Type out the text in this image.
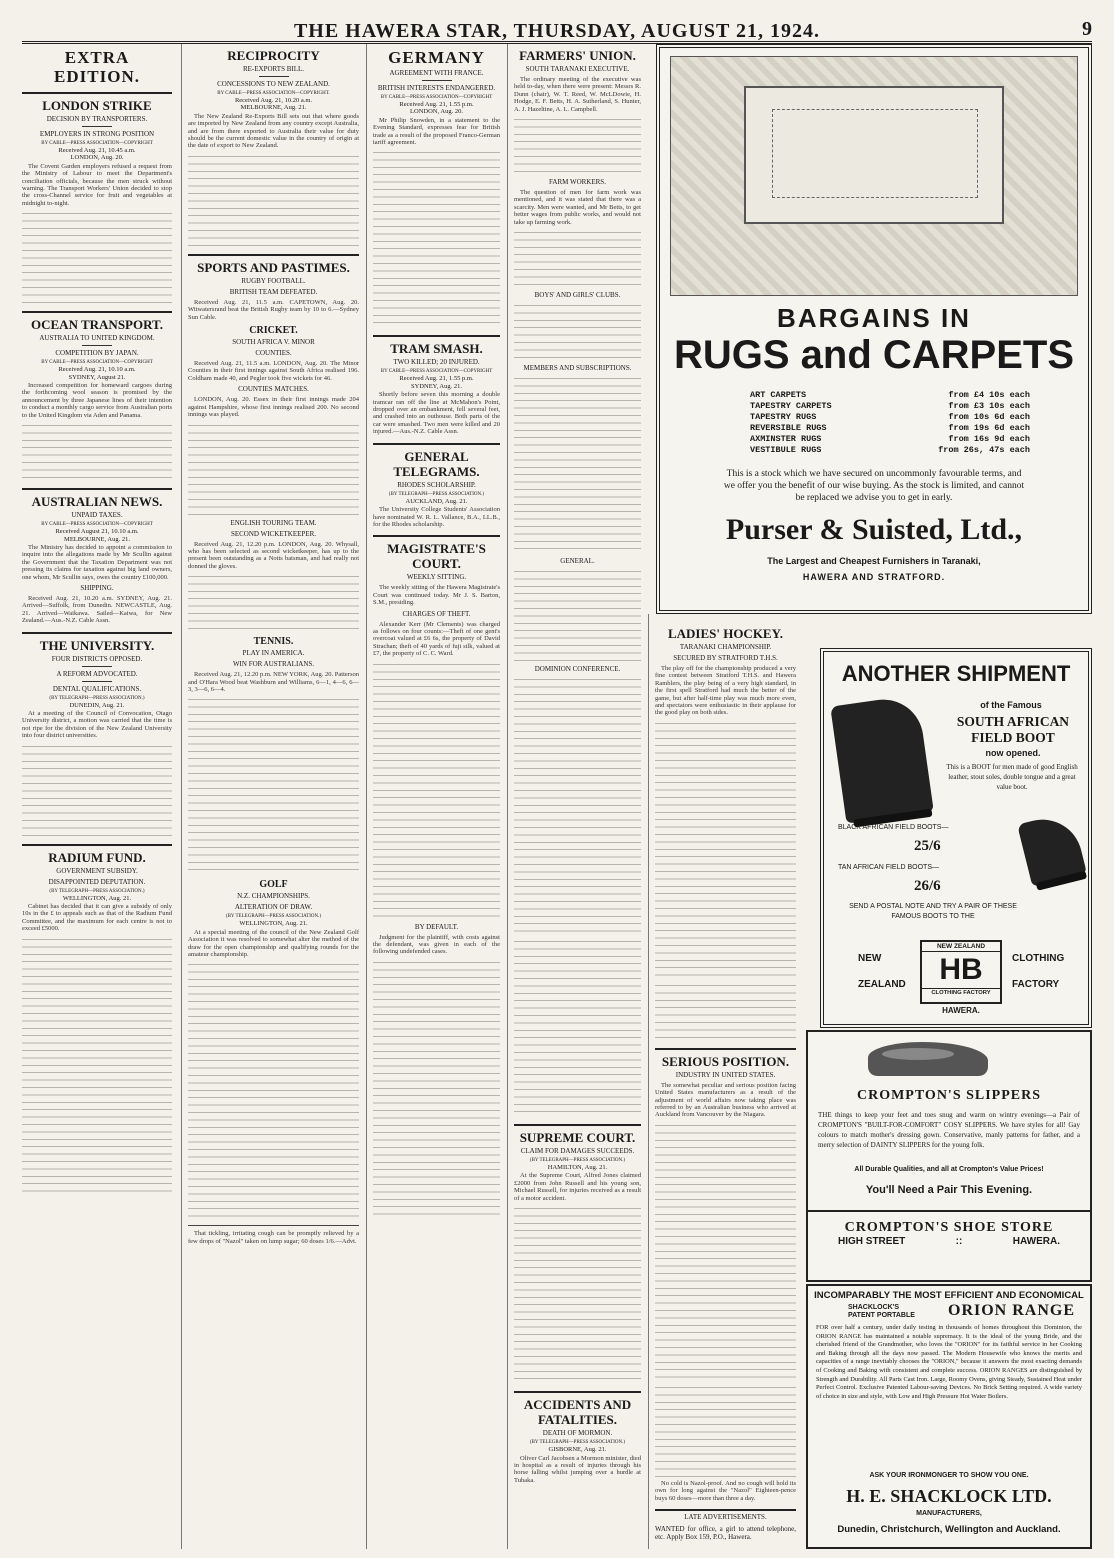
THE HAWERA STAR, THURSDAY, AUGUST 21, 1924.	9
EXTRA EDITION.
LONDON STRIKE
DECISION BY TRANSPORTERS.
EMPLOYERS IN STRONG POSITION
BY CABLE—PRESS ASSOCIATION—COPYRIGHT
Received Aug. 21, 10.45 a.m.
LONDON, Aug. 20.
The Covent Garden employers refused a request from the Ministry of Labour to meet the Department's conciliation officials, because the men struck without warning. The Transport Workers' Union decided to stop the cross-Channel service for fruit and vegetables at midnight to-night.
OCEAN TRANSPORT.
AUSTRALIA TO UNITED KINGDOM.
COMPETITION BY JAPAN.
BY CABLE—PRESS ASSOCIATION—COPYRIGHT
Received Aug. 21, 10.10 a.m.
SYDNEY, August 21.
Increased competition for homeward cargoes during the forthcoming wool season is promised by the announcement by three Japanese lines of their intention to conduct a monthly cargo service from Australian ports to the United Kingdom via Aden and Panama.
AUSTRALIAN NEWS.
UNPAID TAXES.
BY CABLE—PRESS ASSOCIATION—COPYRIGHT
Received August 21, 10.10 a.m.
MELBOURNE, Aug. 21.
The Ministry has decided to appoint a commission to inquire into the allegations made by Mr Scullin against the Government that the Taxation Department was not pressing its claims for taxation against big land owners, one whom, Mr Scullin says, owes the country £100,000.
SHIPPING.
Received Aug. 21, 10.20 a.m. SYDNEY, Aug. 21. Arrived—Suffolk, from Dunedin. NEWCASTLE, Aug. 21. Arrived—Waikawa. Sailed—Kaiwa, for New Zealand.—Aus.-N.Z. Cable Assn.
THE UNIVERSITY.
FOUR DISTRICTS OPPOSED.
A REFORM ADVOCATED.
DENTAL QUALIFICATIONS.
(BY TELEGRAPH—PRESS ASSOCIATION.)
DUNEDIN, Aug. 21.
At a meeting of the Council of Convocation, Otago University district, a motion was carried that the time is not ripe for the division of the New Zealand University into four district universities.
RADIUM FUND.
GOVERNMENT SUBSIDY.
DISAPPOINTED DEPUTATION.
(BY TELEGRAPH—PRESS ASSOCIATION.)
WELLINGTON, Aug. 21.
Cabinet has decided that it can give a subsidy of only 10s in the £ to appeals such as that of the Radium Fund Committee, and the maximum for each centre is not to exceed £5000.
RECIPROCITY
RE-EXPORTS BILL.
CONCESSIONS TO NEW ZEALAND.
BY CABLE—PRESS ASSOCIATION—COPYRIGHT.
Received Aug. 21, 10.20 a.m.
MELBOURNE, Aug. 21.
The New Zealand Re-Exports Bill sets out that where goods are imported by New Zealand from any country except Australia, and are from there exported to Australia their value for duty should be the current domestic value in the country of origin at the date of export to New Zealand.
SPORTS AND PASTIMES.
RUGBY FOOTBALL.
BRITISH TEAM DEFEATED.
Received Aug. 21, 11.5 a.m. CAPETOWN, Aug. 20. Witwatersrand beat the British Rugby team by 10 to 6.—Sydney Sun Cable.
CRICKET.
SOUTH AFRICA V. MINOR
COUNTIES.
Received Aug. 21, 11.5 a.m. LONDON, Aug. 20. The Minor Counties in their first innings against South Africa realised 196. Coldham made 40, and Pegler took five wickets for 46.
COUNTIES MATCHES.
LONDON, Aug. 20. Essex in their first innings made 204 against Hampshire, whose first innings realised 200. No second innings was played.
ENGLISH TOURING TEAM.
SECOND WICKETKEEPER.
Received Aug. 21, 12.20 p.m. LONDON, Aug. 20. Whysall, who has been selected as second wicketkeeper, has up to the present been outstanding as a Notts batsman, and had really not donned the gloves.
TENNIS.
PLAY IN AMERICA.
WIN FOR AUSTRALIANS.
Received Aug. 21, 12.20 p.m. NEW YORK, Aug. 20. Patterson and O'Hara Wood beat Washburn and Williams, 6—1, 4—6, 6—3, 3—6, 6—4.
GOLF
N.Z. CHAMPIONSHIPS.
ALTERATION OF DRAW.
(BY TELEGRAPH—PRESS ASSOCIATION.)
WELLINGTON, Aug. 21.
At a special meeting of the council of the New Zealand Golf Association it was resolved to somewhat alter the method of the draw for the open championship and qualifying rounds for the amateur championship.
That tickling, irritating cough can be promptly relieved by a few drops of "Nazol" taken on lump sugar; 60 doses 1/6.—Advt.
GERMANY
AGREEMENT WITH FRANCE.
BRITISH INTERESTS ENDANGERED.
BY CABLE—PRESS ASSOCIATION—COPYRIGHT
Received Aug. 21, 1.55 p.m.
LONDON, Aug. 20.
Mr Philip Snowden, in a statement to the Evening Standard, expresses fear for British trade as a result of the proposed Franco-German tariff agreement.
TRAM SMASH.
TWO KILLED; 20 INJURED.
BY CABLE—PRESS ASSOCIATION—COPYRIGHT
Received Aug. 21, 1.55 p.m.
SYDNEY, Aug. 21.
Shortly before seven this morning a double tramcar ran off the line at McMahon's Point, dropped over an embankment, fell several feet, and crashed into an outhouse. Both parts of the car were smashed. Two men were killed and 20 injured.—Aus.-N.Z. Cable Assn.
GENERAL TELEGRAMS.
RHODES SCHOLARSHIP.
(BY TELEGRAPH—PRESS ASSOCIATION.)
AUCKLAND, Aug. 21.
The University College Students' Association have nominated W. R. L. Vallance, B.A., LL.B., for the Rhodes scholarship.
MAGISTRATE'S COURT.
WEEKLY SITTING.
The weekly sitting of the Hawera Magistrate's Court was continued today. Mr J. S. Barton, S.M., presiding.
CHARGES OF THEFT.
Alexander Kerr (Mr Clements) was charged as follows on four counts:—Theft of one gent's overcoat valued at £6 6s, the property of David Strachan; theft of 40 yards of fuji silk, valued at £7, the property of C. C. Ward.
BY DEFAULT.
Judgment for the plaintiff, with costs against the defendant, was given in each of the following undefended cases.
FARMERS' UNION.
SOUTH TARANAKI EXECUTIVE.
The ordinary meeting of the executive was held to-day, when there were present: Messrs R. Dunn (chair), W. T. Reed, W. McLDowie, H. Hodge, E. F. Betts, H. A. Sutherland, S. Hunter, A. J. Hazeltine, A. L. Campbell.
FARM WORKERS.
The question of men for farm work was mentioned, and it was stated that there was a scarcity. Men were wanted, and Mr Betts, to get better wages from public works, and would not take up farming work.
BOYS' AND GIRLS' CLUBS.
MEMBERS AND SUBSCRIPTIONS.
GENERAL.
DOMINION CONFERENCE.
SUPREME COURT.
CLAIM FOR DAMAGES SUCCEEDS.
(BY TELEGRAPH—PRESS ASSOCIATION.)
HAMILTON, Aug. 21.
At the Supreme Court, Alfred Jones claimed £2000 from John Russell and his young son, Michael Russell, for injuries received as a result of a motor accident.
ACCIDENTS AND FATALITIES.
DEATH OF MORMON.
(BY TELEGRAPH—PRESS ASSOCIATION.)
GISBORNE, Aug. 21.
Oliver Carl Jacobsen a Mormon minister, died in hospital as a result of injuries through his horse falling whilst jumping over a hurdle at Tuhaka.
BARGAINS IN
RUGS and CARPETS
ART CARPETS	from £4 10s each
TAPESTRY CARPETS	from £3 10s each
TAPESTRY RUGS	from 10s 6d each
REVERSIBLE RUGS	from 19s 6d each
AXMINSTER RUGS	from 16s 9d each
VESTIBULE RUGS	from 26s, 47s each
This is a stock which we have secured on uncommonly favourable terms, and we offer you the benefit of our wise buying. As the stock is limited, and cannot be replaced we advise you to get in early.
Purser & Suisted, Ltd.,
The Largest and Cheapest Furnishers in Taranaki,
HAWERA AND STRATFORD.
LADIES' HOCKEY.
TARANAKI CHAMPIONSHIP.
SECURED BY STRATFORD T.H.S.
The play off for the championship produced a very fine contest between Stratford T.H.S. and Hawera Ramblers, the play being of a very high standard, in the first spell Stratford had much the better of the game, but after half-time play was much more even, and spectators were enthusiastic in their applause for the good play on both sides.
SERIOUS POSITION.
INDUSTRY IN UNITED STATES.
The somewhat peculiar and serious position facing United States manufacturers as a result of the adjustment of world affairs now taking place was referred to by an Australian business who arrived at Auckland from Vancouver by the Niagara.
No cold is Nazol-proof. And no cough will hold its own for long against the "Nazol" Eighteen-pence buys 60 doses—more than three a day.
LATE ADVERTISEMENTS.
WANTED for office, a girl to attend telephone, etc. Apply Box 159, P.O., Hawera.
ANOTHER SHIPMENT
of the Famous
SOUTH AFRICAN FIELD BOOT
now opened.
This is a BOOT for men made of good English leather, stout soles, double tongue and a great value boot.
BLACK AFRICAN FIELD BOOTS—
25/6
TAN AFRICAN FIELD BOOTS—
26/6
SEND A POSTAL NOTE AND TRY A PAIR OF THESE FAMOUS BOOTS TO THE
NEW
ZEALAND
NEW ZEALAND
HB
CLOTHING FACTORY
CLOTHING
FACTORY
HAWERA.
CROMPTON'S SLIPPERS
THE things to keep your feet and toes snug and warm on wintry evenings—a Pair of CROMPTON'S "BUILT-FOR-COMFORT" COSY SLIPPERS. We have styles for all! Gay colours to match mother's dressing gown. Conservative, manly patterns for father, and a merry selection of DAINTY SLIPPERS for the young folk.
All Durable Qualities, and all at Crompton's Value Prices!
You'll Need a Pair This Evening.
CROMPTON'S SHOE STORE
HIGH STREET	::	HAWERA.
INCOMPARABLY THE MOST EFFICIENT AND ECONOMICAL
SHACKLOCK'S
PATENT PORTABLE ORION RANGE
FOR over half a century, under daily testing in thousands of homes throughout this Dominion, the ORION RANGE has maintained a notable supremacy. It is the ideal of the young Bride, and the cherished friend of the Grandmother, who loves the "ORION" for its faithful service in her Cooking and Baking through all the days now passed. The Modern Housewife who knows the merits and capacities of a range inevitably chooses the "ORION," because it answers the most exacting demands of Cooking and Baking with consistent and complete success. ORION RANGES are distinguished by Strength and Durability. All Parts Cast Iron. Large, Roomy Ovens, giving Steady, Sustained Heat under Perfect Control. Exclusive Patented Labour-saving Devices. No Brick Setting required. A wide variety of choice in size and style, with Low and High Pressure Hot Water Boilers.
ASK YOUR IRONMONGER TO SHOW YOU ONE.
H. E. SHACKLOCK LTD.
MANUFACTURERS,
Dunedin, Christchurch, Wellington and Auckland.
